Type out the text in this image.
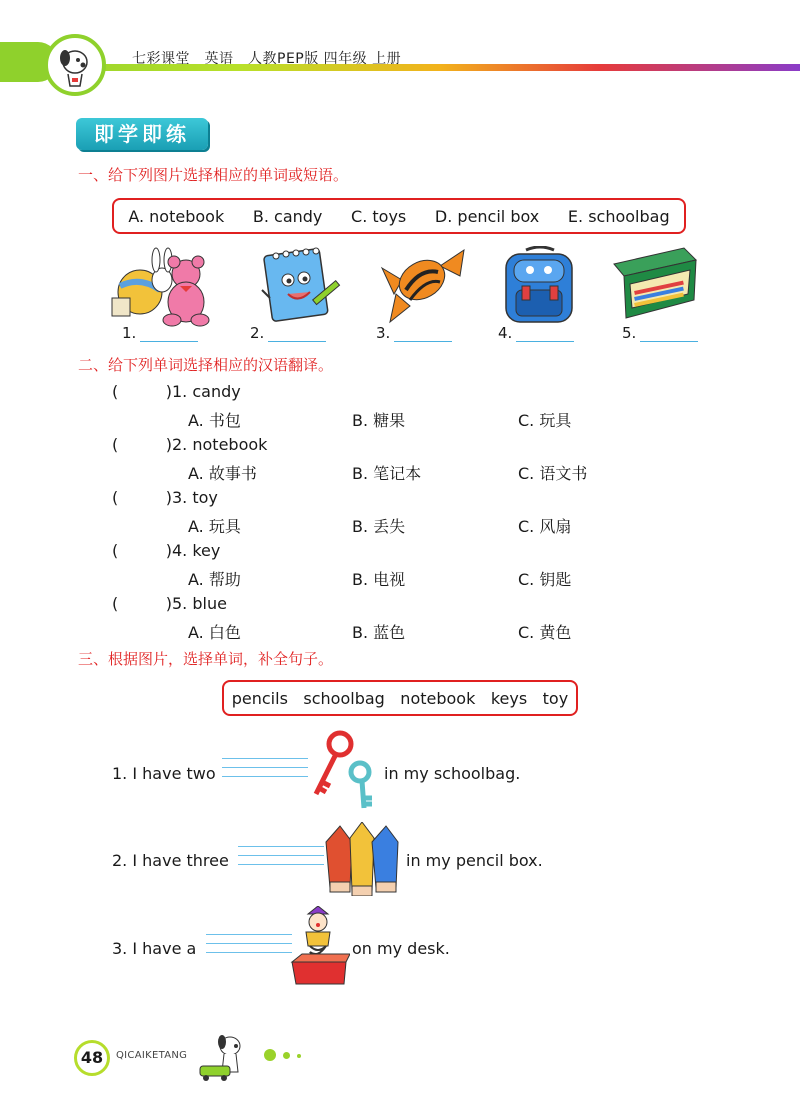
七彩课堂　英语　人教PEP版 四年级 上册
即学即练
一、给下列图片选择相应的单词或短语。
A. notebook B. candy C. toys D. pencil box E. schoolbag
1.	2.	3.	4.	5.
二、给下列单词选择相应的汉语翻译。
(	) 1.
candy
A. 书包	B. 糖果	C. 玩具
(	) 2.
notebook
A. 故事书	B. 笔记本	C. 语文书
(	) 3.
toy
A. 玩具	B. 丢失	C. 风扇
(	) 4.
key
A. 帮助	B. 电视	C. 钥匙
(	) 5.
blue
A. 白色	B. 蓝色	C. 黄色
三、根据图片，选择单词，补全句子。
pencils schoolbag notebook keys toy
1. I have two	in my schoolbag.
2. I have three	in my pencil box.
3. I have a	on my desk.
48	QICAIKETANG
